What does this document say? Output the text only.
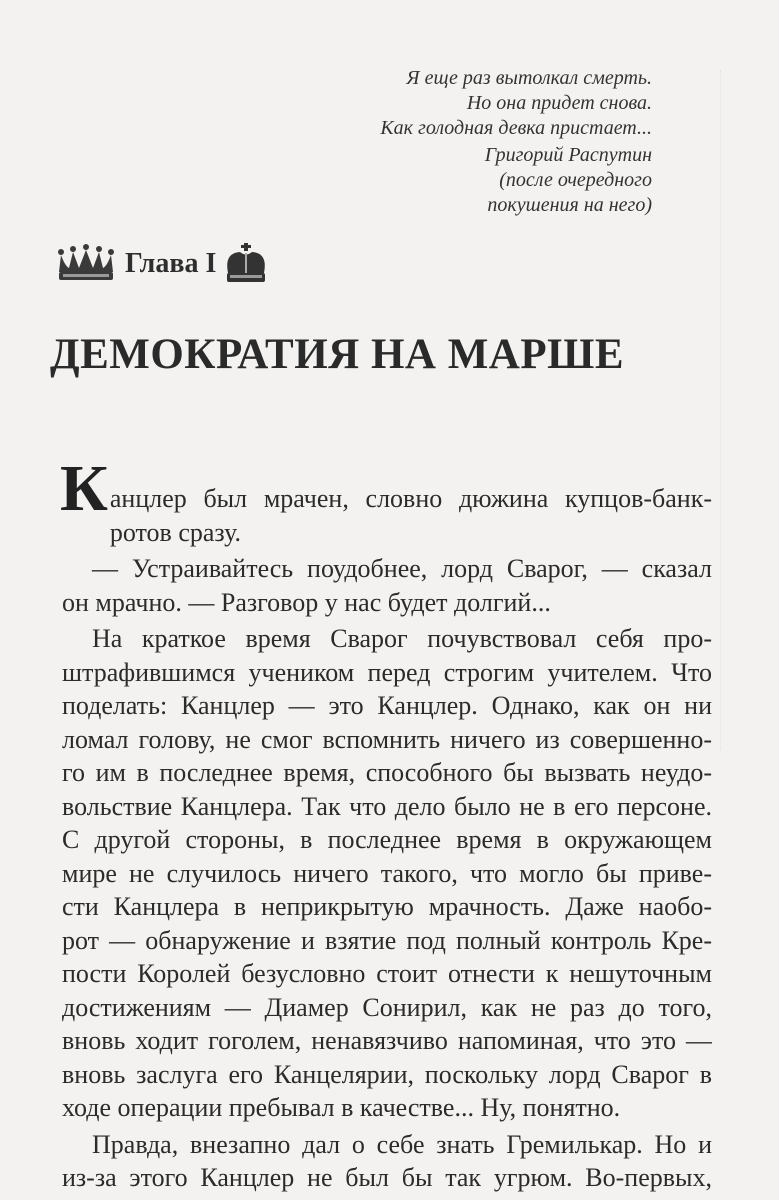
Я еще раз вытолкал смерть.
Но она придет снова.
Как голодная девка пристает...
Григорий Распутин
(после очередного
покушения на него)
Глава I
ДЕМОКРАТИЯ НА МАРШЕ
К анцлер был мрачен, словно дюжина купцов-банк-
ротов сразу.
— Устраивайтесь поудобнее, лорд Сварог, — сказал
он мрачно. — Разговор у нас будет долгий...
На краткое время Сварог почувствовал себя про-
штрафившимся учеником перед строгим учителем. Что
поделать: Канцлер — это Канцлер. Однако, как он ни
ломал голову, не смог вспомнить ничего из совершенно-
го им в последнее время, способного бы вызвать неудо-
вольствие Канцлера. Так что дело было не в его персоне.
С другой стороны, в последнее время в окружающем
мире не случилось ничего такого, что могло бы приве-
сти Канцлера в неприкрытую мрачность. Даже наобо-
рот — обнаружение и взятие под полный контроль Кре-
пости Королей безусловно стоит отнести к нешуточным
достижениям — Диамер Сонирил, как не раз до того,
вновь ходит гоголем, ненавязчиво напоминая, что это —
вновь заслуга его Канцелярии, поскольку лорд Сварог в
ходе операции пребывал в качестве... Ну, понятно.
Правда, внезапно дал о себе знать Гремилькар. Но и
из-за этого Канцлер не был бы так угрюм. Во-первых,
